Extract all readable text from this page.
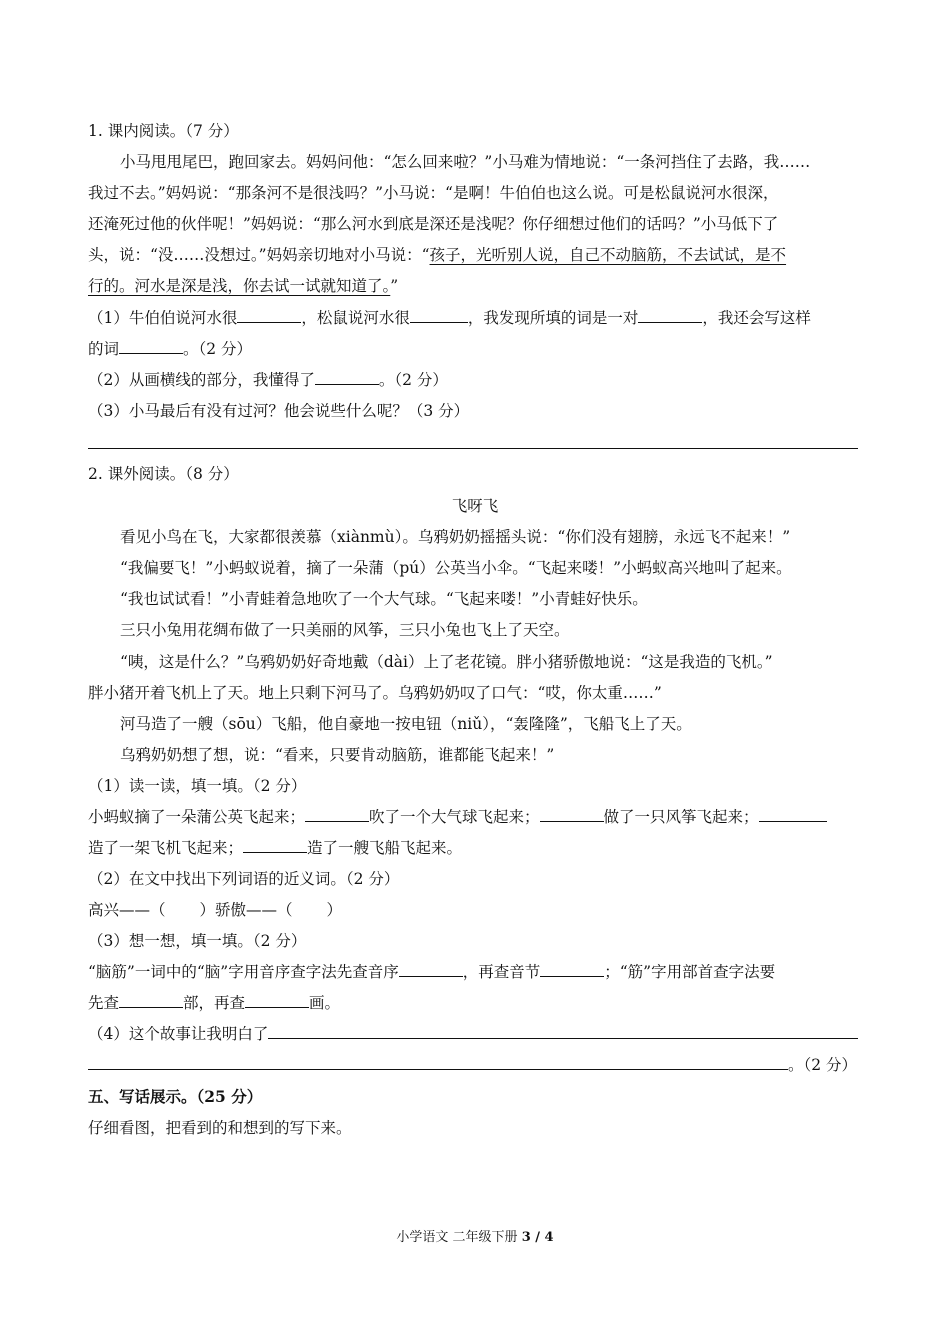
1. 课内阅读。（7 分）
小马甩甩尾巴，跑回家去。妈妈问他：“怎么回来啦？”小马难为情地说：“一条河挡住了去路，我……
我过不去。”妈妈说：“那条河不是很浅吗？”小马说：“是啊！牛伯伯也这么说。可是松鼠说河水很深，
还淹死过他的伙伴呢！”妈妈说：“那么河水到底是深还是浅呢？你仔细想过他们的话吗？”小马低下了
头，说：“没……没想过。”妈妈亲切地对小马说：“孩子，光听别人说，自己不动脑筋，不去试试，是不
行的。河水是深是浅，你去试一试就知道了。”
（1）牛伯伯说河水很	，松鼠说河水很	，我发现所填的词是一对	，我还会写这样
的词	。（2 分）
（2）从画横线的部分，我懂得了	。（2 分）
（3）小马最后有没有过河？他会说些什么呢？（3 分）
2. 课外阅读。（8 分）
飞呀飞
看见小鸟在飞，大家都很羡慕（xiànmù）。乌鸦奶奶摇摇头说：“你们没有翅膀，永远飞不起来！”
“我偏要飞！”小蚂蚁说着，摘了一朵蒲（pú）公英当小伞。“飞起来喽！”小蚂蚁高兴地叫了起来。
“我也试试看！”小青蛙着急地吹了一个大气球。“飞起来喽！”小青蛙好快乐。
三只小兔用花绸布做了一只美丽的风筝，三只小兔也飞上了天空。
“咦，这是什么？”乌鸦奶奶好奇地戴（dài）上了老花镜。胖小猪骄傲地说：“这是我造的飞机。”
胖小猪开着飞机上了天。地上只剩下河马了。乌鸦奶奶叹了口气：“哎，你太重……”
河马造了一艘（sōu）飞船，他自豪地一按电钮（niǔ），“轰隆隆”，飞船飞上了天。
乌鸦奶奶想了想，说：“看来，只要肯动脑筋，谁都能飞起来！”
（1）读一读，填一填。（2 分）
小蚂蚁摘了一朵蒲公英飞起来；	吹了一个大气球飞起来；	做了一只风筝飞起来；
造了一架飞机飞起来；	造了一艘飞船飞起来。
（2）在文中找出下列词语的近义词。（2 分）
高兴——（ ）骄傲——（ ）
（3）想一想，填一填。（2 分）
“脑筋”一词中的“脑”字用音序查字法先查音序	，再查音节	；“筋”字用部首查字法要
先查	部，再查	画。
（4）这个故事让我明白了
。（2 分）
五、写话展示。（25 分）
仔细看图，把看到的和想到的写下来。
小学语文 二年级下册 3 / 4
